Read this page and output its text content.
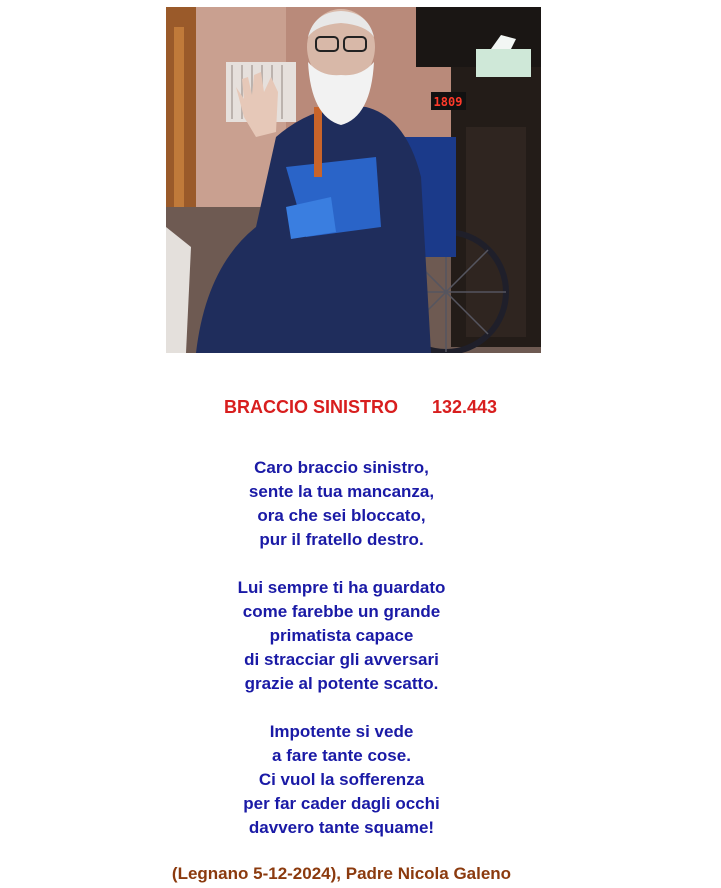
1809
BRACCIO SINISTRO 132.443
Caro braccio sinistro,
sente la tua mancanza,
ora che sei bloccato,
pur il fratello destro.
Lui sempre ti ha guardato
come farebbe un grande
primatista capace
di stracciar gli avversari
grazie al potente scatto.
Impotente si vede
a fare tante cose.
Ci vuol la sofferenza
per far cader dagli occhi
davvero tante squame!
(Legnano 5-12-2024), Padre Nicola Galeno
